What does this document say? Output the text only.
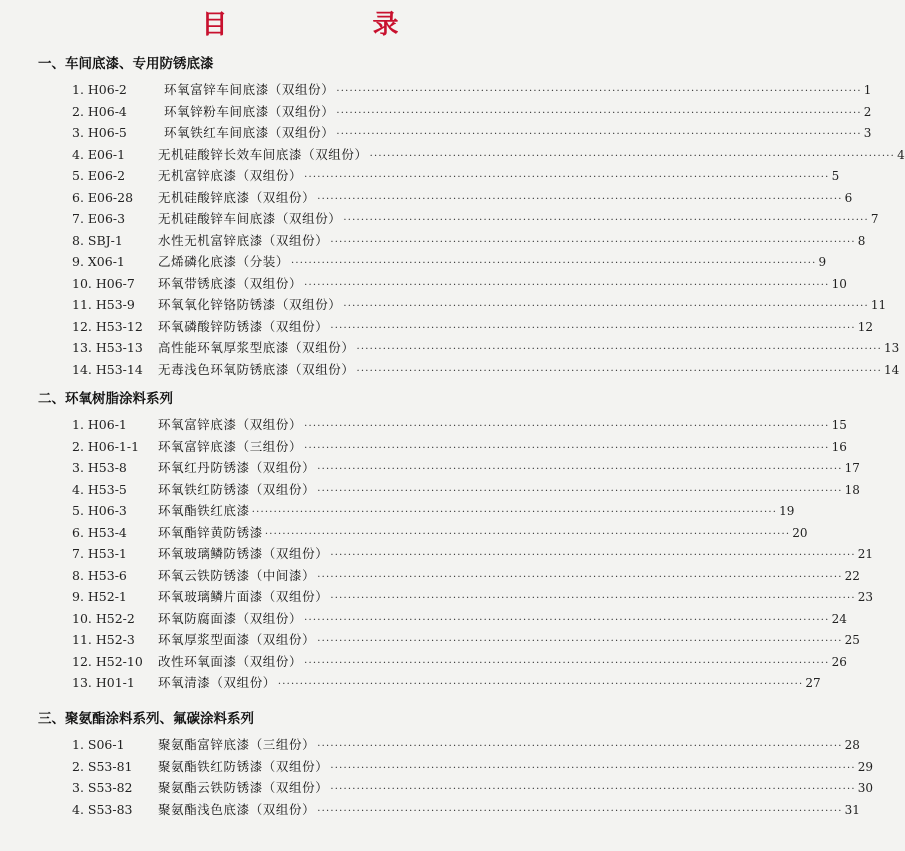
目 录
一、车间底漆、专用防锈底漆
1. H06-2	环氧富锌车间底漆（双组份） ························································································································ 1
2. H06-4	环氧锌粉车间底漆（双组份） ························································································································ 2
3. H06-5	环氧铁红车间底漆（双组份） ························································································································ 3
4. E06-1	无机硅酸锌长效车间底漆（双组份） ························································································································ 4
5. E06-2	无机富锌底漆（双组份） ························································································································ 5
6. E06-28 无机硅酸锌底漆（双组份） ························································································································ 6
7. E06-3	无机硅酸锌车间底漆（双组份） ························································································································ 7
8. SBJ-1	水性无机富锌底漆（双组份） ························································································································ 8
9. X06-1	乙烯磷化底漆（分装） ························································································································ 9
10. H06-7 环氧带锈底漆（双组份） ························································································································ 10
11. H53-9 环氧氧化锌铬防锈漆（双组份） ························································································································ 11
12. H53-12 环氧磷酸锌防锈漆（双组份） ························································································································ 12
13. H53-13 高性能环氧厚浆型底漆（双组份） ························································································································ 13
14. H53-14 无毒浅色环氧防锈底漆（双组份） ························································································································ 14
二、环氧树脂涂料系列
1. H06-1 环氧富锌底漆（双组份） ························································································································ 15
2. H06-1-1 环氧富锌底漆（三组份） ························································································································ 16
3. H53-8 环氧红丹防锈漆（双组份） ························································································································ 17
4. H53-5 环氧铁红防锈漆（双组份） ························································································································ 18
5. H06-3 环氧酯铁红底漆 ························································································································ 19
6. H53-4 环氧酯锌黄防锈漆 ························································································································ 20
7. H53-1 环氧玻璃鳞防锈漆（双组份） ························································································································ 21
8. H53-6 环氧云铁防锈漆（中间漆） ························································································································ 22
9. H52-1 环氧玻璃鳞片面漆（双组份） ························································································································ 23
10. H52-2 环氧防腐面漆（双组份） ························································································································ 24
11. H52-3 环氧厚浆型面漆（双组份） ························································································································ 25
12. H52-10 改性环氧面漆（双组份） ························································································································ 26
13. H01-1 环氧清漆（双组份） ························································································································ 27
三、聚氨酯涂料系列、氟碳涂料系列
1. S06-1	聚氨酯富锌底漆（三组份） ························································································································ 28
2. S53-81 聚氨酯铁红防锈漆（双组份） ························································································································ 29
3. S53-82 聚氨酯云铁防锈漆（双组份） ························································································································ 30
4. S53-83 聚氨酯浅色底漆（双组份） ························································································································ 31
